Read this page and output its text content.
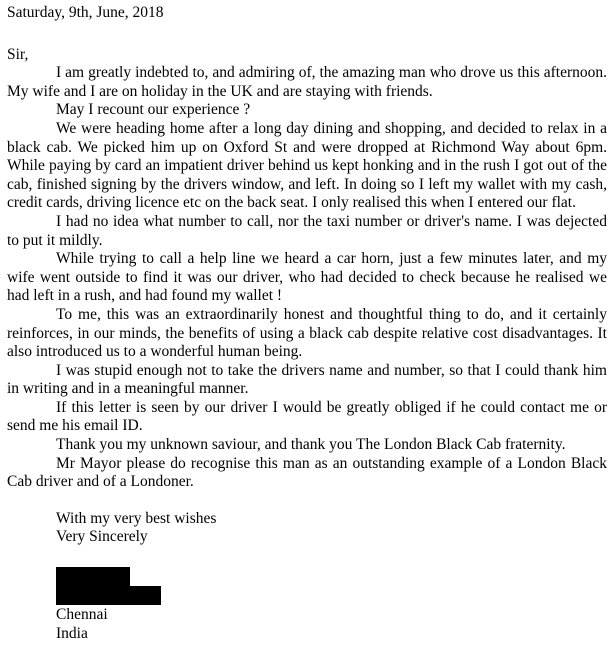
Saturday, 9th, June, 2018

Sir,

I am greatly indebted to, and admiring of, the amazing man who drove us this afternoon. My wife and I are on holiday in the UK and are staying with friends.

May I recount our experience ?

We were heading home after a long day dining and shopping, and decided to relax in a black cab. We picked him up on Oxford St and were dropped at Richmond Way about 6pm. While paying by card an impatient driver behind us kept honking and in the rush I got out of the cab, finished signing by the drivers window, and left. In doing so I left my wallet with my cash, credit cards, driving licence etc on the back seat. I only realised this when I entered our flat.

I had no idea what number to call, nor the taxi number or driver's name. I was dejected to put it mildly.

While trying to call a help line we heard a car horn, just a few minutes later, and my wife went outside to find it was our driver, who had decided to check because he realised we had left in a rush, and had found my wallet !

To me, this was an extraordinarily honest and thoughtful thing to do, and it certainly reinforces, in our minds, the benefits of using a black cab despite relative cost disadvantages. It also introduced us to a wonderful human being.

I was stupid enough not to take the drivers name and number, so that I could thank him in writing and in a meaningful manner.

If this letter is seen by our driver I would be greatly obliged if he could contact me or send me his email ID.

Thank you my unknown saviour, and thank you The London Black Cab fraternity.

Mr Mayor please do recognise this man as an outstanding example of a London Black Cab driver and of a Londoner.

With my very best wishes
Very Sincerely
Chennai
India
